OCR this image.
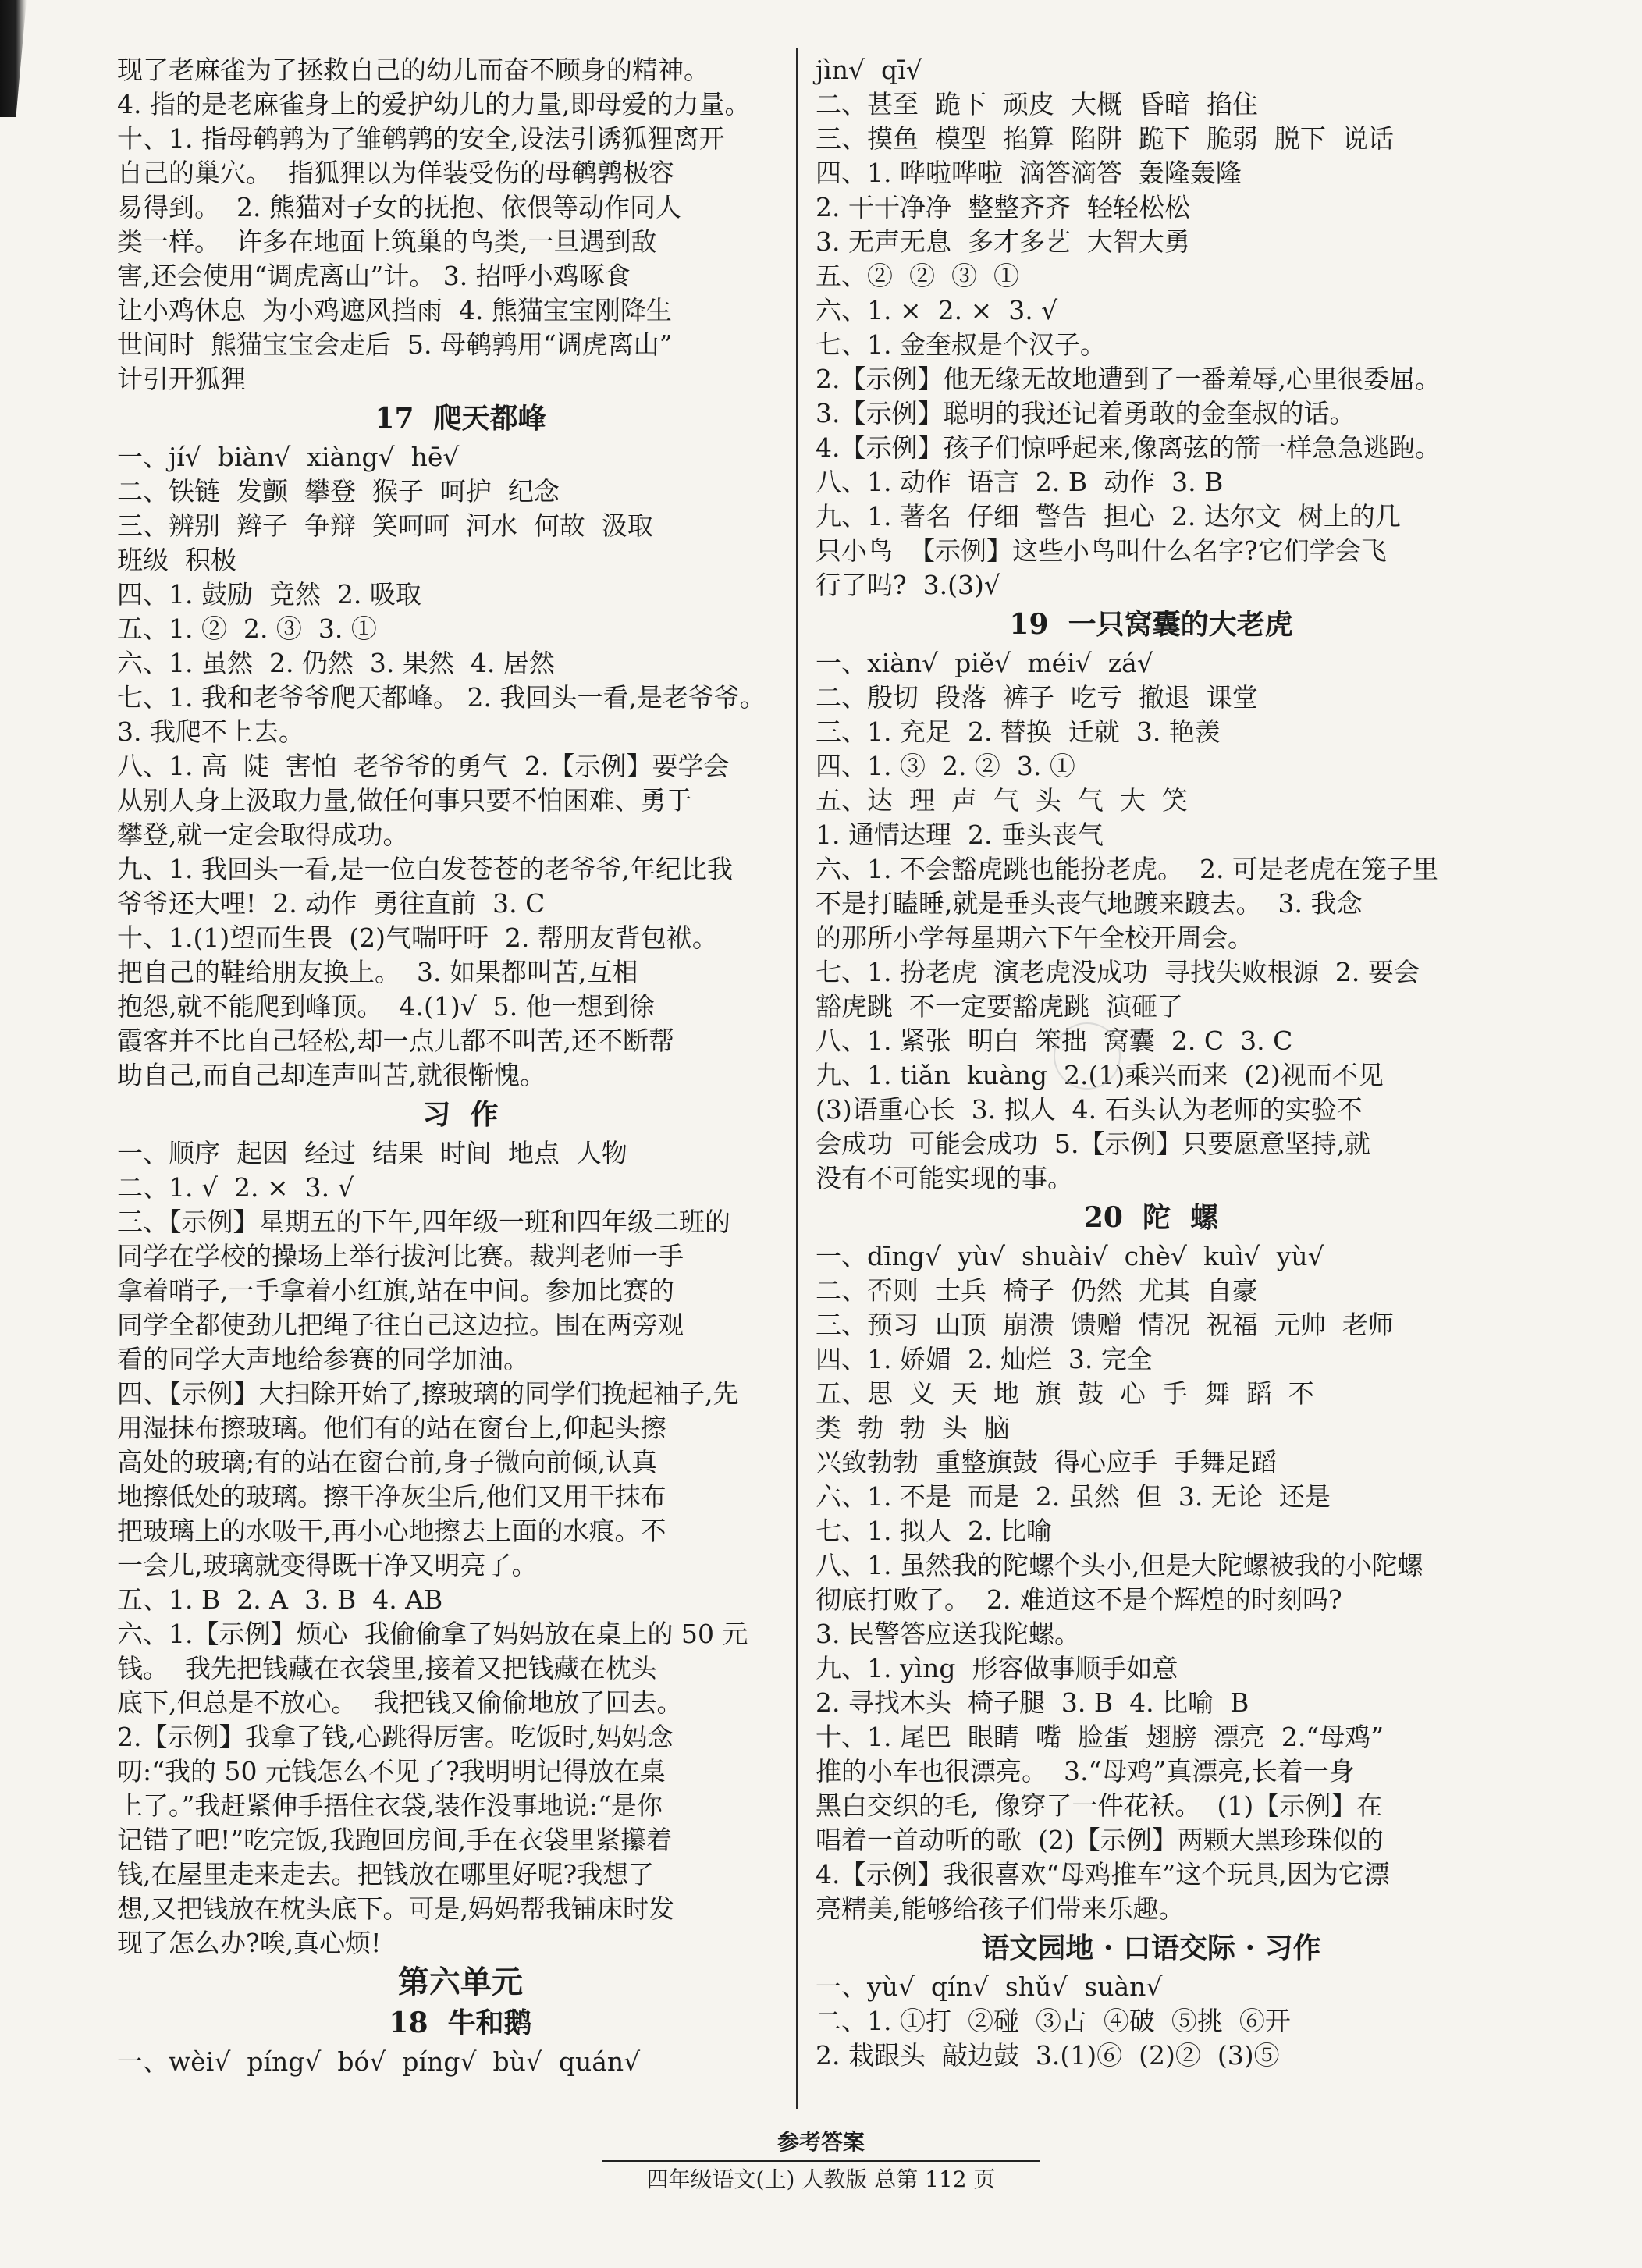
现了老麻雀为了拯救自己的幼儿而奋不顾身的精神。
4. 指的是老麻雀身上的爱护幼儿的力量,即母爱的力量。
十、1. 指母鹌鹑为了雏鹌鹑的安全,设法引诱狐狸离开
自己的巢穴。  指狐狸以为佯装受伤的母鹌鹑极容
易得到。  2. 熊猫对子女的抚抱、依偎等动作同人
类一样。  许多在地面上筑巢的鸟类,一旦遇到敌
害,还会使用“调虎离山”计。 3. 招呼小鸡啄食
让小鸡休息  为小鸡遮风挡雨  4. 熊猫宝宝刚降生
世间时  熊猫宝宝会走后  5. 母鹌鹑用“调虎离山”
计引开狐狸
17  爬天都峰
一、jí√  biàn√  xiàng√  hē√
二、铁链  发颤  攀登  猴子  呵护  纪念
三、辨别  辫子  争辩  笑呵呵  河水  何故  汲取
班级  积极
四、1. 鼓励  竟然  2. 吸取
五、1. ②  2. ③  3. ①
六、1. 虽然  2. 仍然  3. 果然  4. 居然
七、1. 我和老爷爷爬天都峰。 2. 我回头一看,是老爷爷。
3. 我爬不上去。
八、1. 高  陡  害怕  老爷爷的勇气  2.【示例】要学会
从别人身上汲取力量,做任何事只要不怕困难、勇于
攀登,就一定会取得成功。
九、1. 我回头一看,是一位白发苍苍的老爷爷,年纪比我
爷爷还大哩!  2. 动作  勇往直前  3. C
十、1.(1)望而生畏  (2)气喘吁吁  2. 帮朋友背包袱。
把自己的鞋给朋友换上。  3. 如果都叫苦,互相
抱怨,就不能爬到峰顶。  4.(1)√  5. 他一想到徐
霞客并不比自己轻松,却一点儿都不叫苦,还不断帮
助自己,而自己却连声叫苦,就很惭愧。
习  作
一、顺序  起因  经过  结果  时间  地点  人物
二、1. √  2. ×  3. √
三、【示例】星期五的下午,四年级一班和四年级二班的
同学在学校的操场上举行拔河比赛。裁判老师一手
拿着哨子,一手拿着小红旗,站在中间。参加比赛的
同学全都使劲儿把绳子往自己这边拉。围在两旁观
看的同学大声地给参赛的同学加油。
四、【示例】大扫除开始了,擦玻璃的同学们挽起袖子,先
用湿抹布擦玻璃。他们有的站在窗台上,仰起头擦
高处的玻璃;有的站在窗台前,身子微向前倾,认真
地擦低处的玻璃。擦干净灰尘后,他们又用干抹布
把玻璃上的水吸干,再小心地擦去上面的水痕。不
一会儿,玻璃就变得既干净又明亮了。
五、1. B  2. A  3. B  4. AB
六、1.【示例】烦心  我偷偷拿了妈妈放在桌上的 50 元
钱。  我先把钱藏在衣袋里,接着又把钱藏在枕头
底下,但总是不放心。  我把钱又偷偷地放了回去。
2.【示例】我拿了钱,心跳得厉害。吃饭时,妈妈念
叨:“我的 50 元钱怎么不见了?我明明记得放在桌
上了。”我赶紧伸手捂住衣袋,装作没事地说:“是你
记错了吧!”吃完饭,我跑回房间,手在衣袋里紧攥着
钱,在屋里走来走去。把钱放在哪里好呢?我想了
想,又把钱放在枕头底下。可是,妈妈帮我铺床时发
现了怎么办?唉,真心烦!
第六单元
18  牛和鹅
一、wèi√  píng√  bó√  píng√  bù√  quán√
jìn√  qī√
二、甚至  跪下  顽皮  大概  昏暗  掐住
三、摸鱼  模型  掐算  陷阱  跪下  脆弱  脱下  说话
四、1. 哗啦哗啦  滴答滴答  轰隆轰隆
2. 干干净净  整整齐齐  轻轻松松
3. 无声无息  多才多艺  大智大勇
五、②  ②  ③  ①
六、1. ×  2. ×  3. √
七、1. 金奎叔是个汉子。
2.【示例】他无缘无故地遭到了一番羞辱,心里很委屈。
3.【示例】聪明的我还记着勇敢的金奎叔的话。
4.【示例】孩子们惊呼起来,像离弦的箭一样急急逃跑。
八、1. 动作  语言  2. B  动作  3. B
九、1. 著名  仔细  警告  担心  2. 达尔文  树上的几
只小鸟  【示例】这些小鸟叫什么名字?它们学会飞
行了吗?  3.(3)√
19  一只窝囊的大老虎
一、xiàn√  piě√  méi√  zá√
二、殷切  段落  裤子  吃亏  撤退  课堂
三、1. 充足  2. 替换  迁就  3. 艳羡
四、1. ③  2. ②  3. ①
五、达  理  声  气  头  气  大  笑
1. 通情达理  2. 垂头丧气
六、1. 不会豁虎跳也能扮老虎。  2. 可是老虎在笼子里
不是打瞌睡,就是垂头丧气地踱来踱去。  3. 我念
的那所小学每星期六下午全校开周会。
七、1. 扮老虎  演老虎没成功  寻找失败根源  2. 要会
豁虎跳  不一定要豁虎跳  演砸了
八、1. 紧张  明白  笨拙  窝囊  2. C  3. C
九、1. tiǎn  kuàng  2.(1)乘兴而来  (2)视而不见
(3)语重心长  3. 拟人  4. 石头认为老师的实验不
会成功  可能会成功  5.【示例】只要愿意坚持,就
没有不可能实现的事。
20  陀  螺
一、dīng√  yù√  shuài√  chè√  kuì√  yù√
二、否则  士兵  椅子  仍然  尤其  自豪
三、预习  山顶  崩溃  馈赠  情况  祝福  元帅  老师
四、1. 娇媚  2. 灿烂  3. 完全
五、思  义  天  地  旗  鼓  心  手  舞  蹈  不
类  勃  勃  头  脑
兴致勃勃  重整旗鼓  得心应手  手舞足蹈
六、1. 不是  而是  2. 虽然  但  3. 无论  还是
七、1. 拟人  2. 比喻
八、1. 虽然我的陀螺个头小,但是大陀螺被我的小陀螺
彻底打败了。  2. 难道这不是个辉煌的时刻吗?
3. 民警答应送我陀螺。
九、1. yìng  形容做事顺手如意
2. 寻找木头  椅子腿  3. B  4. 比喻  B
十、1. 尾巴  眼睛  嘴  脸蛋  翅膀  漂亮  2.“母鸡”
推的小车也很漂亮。  3.“母鸡”真漂亮,长着一身
黑白交织的毛,  像穿了一件花袄。  (1)【示例】在
唱着一首动听的歌  (2)【示例】两颗大黑珍珠似的
4.【示例】我很喜欢“母鸡推车”这个玩具,因为它漂
亮精美,能够给孩子们带来乐趣。
语文园地 · 口语交际 · 习作
一、yù√  qín√  shǔ√  suàn√
二、1. ①打  ②碰  ③占  ④破  ⑤挑  ⑥开
2. 栽跟头  敲边鼓  3.(1)⑥  (2)②  (3)⑤
参考答案
四年级语文(上) 人教版 总第 112 页
